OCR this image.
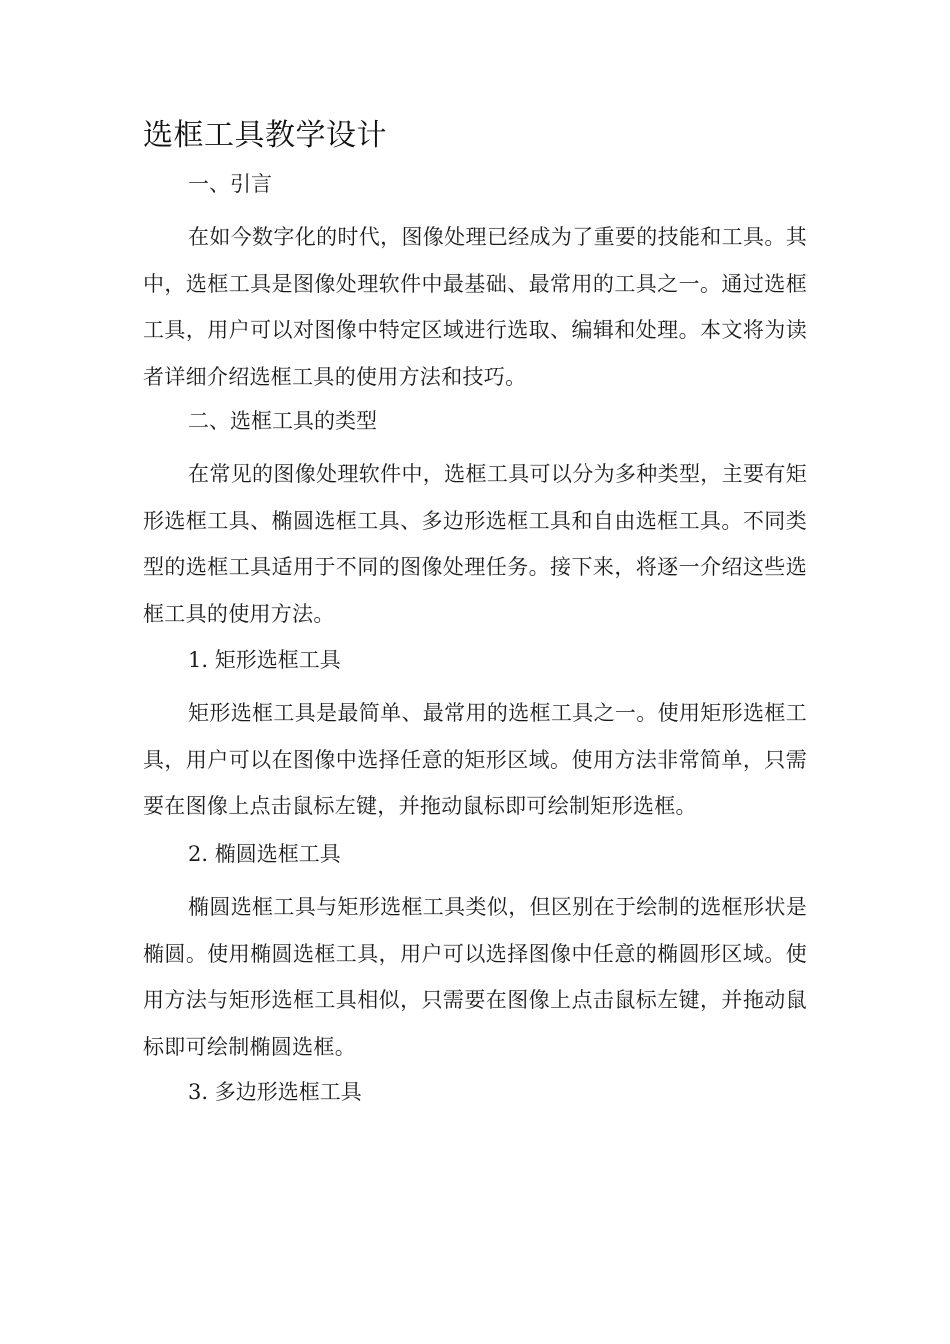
选框工具教学设计
一、引言
在如今数字化的时代，图像处理已经成为了重要的技能和工具。其中，选框工具是图像处理软件中最基础、最常用的工具之一。通过选框工具，用户可以对图像中特定区域进行选取、编辑和处理。本文将为读者详细介绍选框工具的使用方法和技巧。
二、选框工具的类型
在常见的图像处理软件中，选框工具可以分为多种类型，主要有矩形选框工具、椭圆选框工具、多边形选框工具和自由选框工具。不同类型的选框工具适用于不同的图像处理任务。接下来，将逐一介绍这些选框工具的使用方法。
1. 矩形选框工具
矩形选框工具是最简单、最常用的选框工具之一。使用矩形选框工具，用户可以在图像中选择任意的矩形区域。使用方法非常简单，只需要在图像上点击鼠标左键，并拖动鼠标即可绘制矩形选框。
2. 椭圆选框工具
椭圆选框工具与矩形选框工具类似，但区别在于绘制的选框形状是椭圆。使用椭圆选框工具，用户可以选择图像中任意的椭圆形区域。使用方法与矩形选框工具相似，只需要在图像上点击鼠标左键，并拖动鼠标即可绘制椭圆选框。
3. 多边形选框工具
